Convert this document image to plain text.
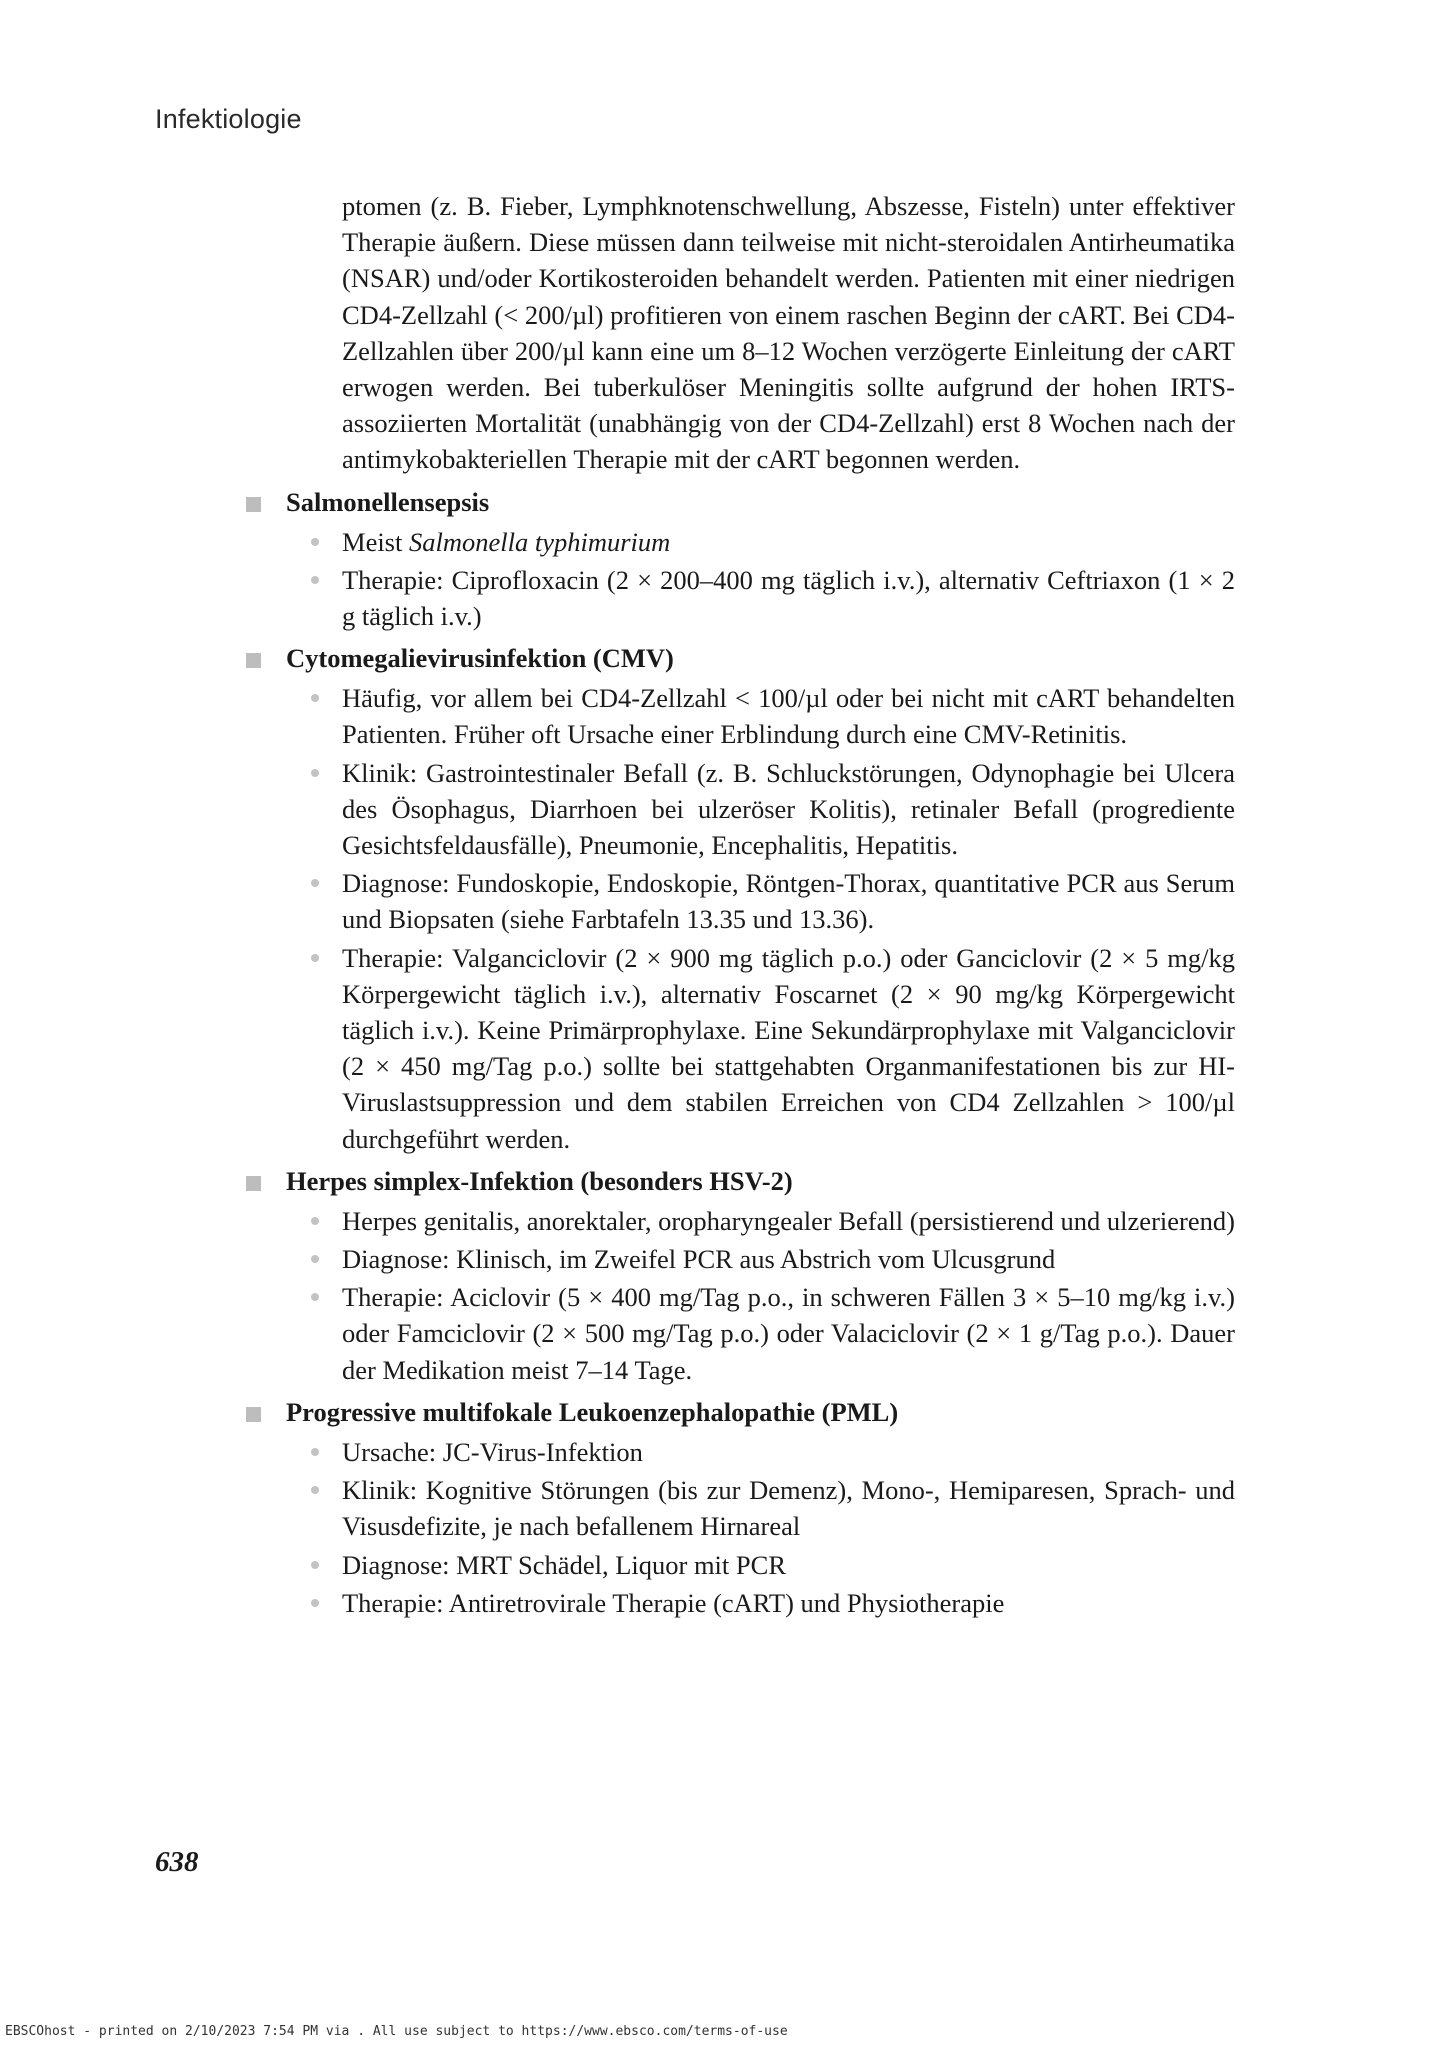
Infektiologie
ptomen (z. B. Fieber, Lymphknotenschwellung, Abszesse, Fisteln) unter effektiver Therapie äußern. Diese müssen dann teilweise mit nicht-steroidalen Antirheumatika (NSAR) und/oder Kortikosteroiden behandelt werden. Patienten mit einer niedrigen CD4-Zellzahl (< 200/µl) profitieren von einem raschen Beginn der cART. Bei CD4-Zellzahlen über 200/µl kann eine um 8–12 Wochen verzögerte Einleitung der cART erwogen werden. Bei tuberkulöser Meningitis sollte aufgrund der hohen IRTS-assoziierten Mortalität (unabhängig von der CD4-Zellzahl) erst 8 Wochen nach der antimykobakteriellen Therapie mit der cART begonnen werden.
Salmonellensepsis
Meist Salmonella typhimurium
Therapie: Ciprofloxacin (2 × 200–400 mg täglich i.v.), alternativ Ceftriaxon (1 × 2 g täglich i.v.)
Cytomegalievirusinfektion (CMV)
Häufig, vor allem bei CD4-Zellzahl < 100/µl oder bei nicht mit cART behandelten Patienten. Früher oft Ursache einer Erblindung durch eine CMV-Retinitis.
Klinik: Gastrointestinaler Befall (z. B. Schluckstörungen, Odynophagie bei Ulcera des Ösophagus, Diarrhoen bei ulzeröser Kolitis), retinaler Befall (progrediente Gesichtsfeldausfälle), Pneumonie, Encephalitis, Hepatitis.
Diagnose: Fundoskopie, Endoskopie, Röntgen-Thorax, quantitative PCR aus Serum und Biopsaten (siehe Farbtafeln 13.35 und 13.36).
Therapie: Valganciclovir (2 × 900 mg täglich p.o.) oder Ganciclovir (2 × 5 mg/kg Körpergewicht täglich i.v.), alternativ Foscarnet (2 × 90 mg/kg Körpergewicht täglich i.v.). Keine Primärprophylaxe. Eine Sekundärprophylaxe mit Valganciclovir (2 × 450 mg/Tag p.o.) sollte bei stattgehabten Organmanifestationen bis zur HI-Viruslastsuppression und dem stabilen Erreichen von CD4 Zellzahlen > 100/µl durchgeführt werden.
Herpes simplex-Infektion (besonders HSV-2)
Herpes genitalis, anorektaler, oropharyngealer Befall (persistierend und ulzerierend)
Diagnose: Klinisch, im Zweifel PCR aus Abstrich vom Ulcusgrund
Therapie: Aciclovir (5 × 400 mg/Tag p.o., in schweren Fällen 3 × 5–10 mg/kg i.v.) oder Famciclovir (2 × 500 mg/Tag p.o.) oder Valaciclovir (2 × 1 g/Tag p.o.). Dauer der Medikation meist 7–14 Tage.
Progressive multifokale Leukoenzephalopathie (PML)
Ursache: JC-Virus-Infektion
Klinik: Kognitive Störungen (bis zur Demenz), Mono-, Hemiparesen, Sprach- und Visusdefizite, je nach befallenem Hirnareal
Diagnose: MRT Schädel, Liquor mit PCR
Therapie: Antiretrovirale Therapie (cART) und Physiotherapie
638
EBSCOhost - printed on 2/10/2023 7:54 PM via . All use subject to https://www.ebsco.com/terms-of-use
